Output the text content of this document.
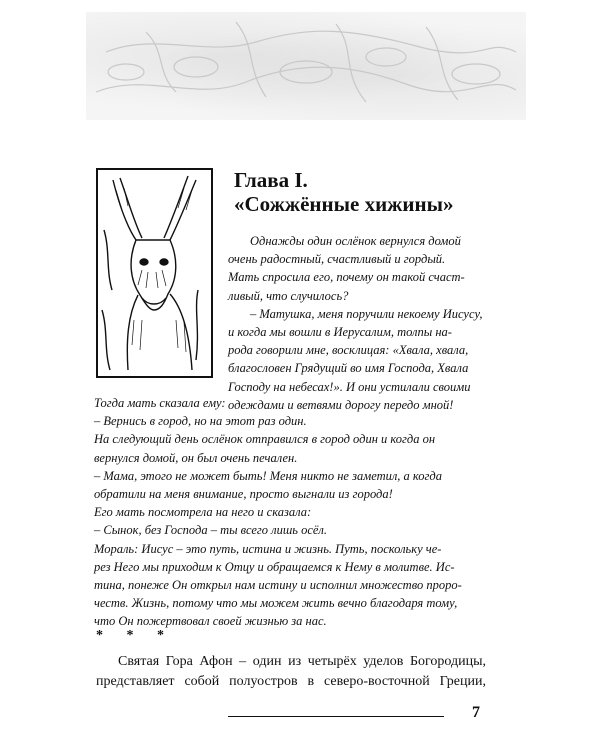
Глава I.
«Сожжённые хижины»

Однажды один ослёнок вернулся домой
очень радостный, счастливый и гордый.
Мать спросила его, почему он такой счаст-
ливый, что случилось?
– Матушка, меня поручили некоему Иисусу,
и когда мы вошли в Иерусалим, толпы на-
рода говорили мне, восклицая: «Хвала, хвала,
благословен Грядущий во имя Господа, Хвала
Господу на небесах!». И они устилали своими
одеждами и ветвями дорогу передо мной!

Тогда мать сказала ему:
– Вернись в город, но на этот раз один.
На следующий день ослёнок отправился в город один и когда он
вернулся домой, он был очень печален.
– Мама, этого не может быть! Меня никто не заметил, а когда
обратили на меня внимание, просто выгнали из города!
Его мать посмотрела на него и сказала:
– Сынок, без Господа – ты всего лишь осёл.
Мораль: Иисус – это путь, истина и жизнь. Путь, поскольку че-
рез Него мы приходим к Отцу и обращаемся к Нему в молитве. Ис-
тина, понеже Он открыл нам истину и исполнил множество проро-
честв. Жизнь, потому что мы можем жить вечно благодаря тому,
что Он пожертвовал своей жизнью за нас.
* * *
Святая Гора Афон – один из четырёх уделов Богородицы,
представляет собой полуостров в северо-восточной Греции,
7
